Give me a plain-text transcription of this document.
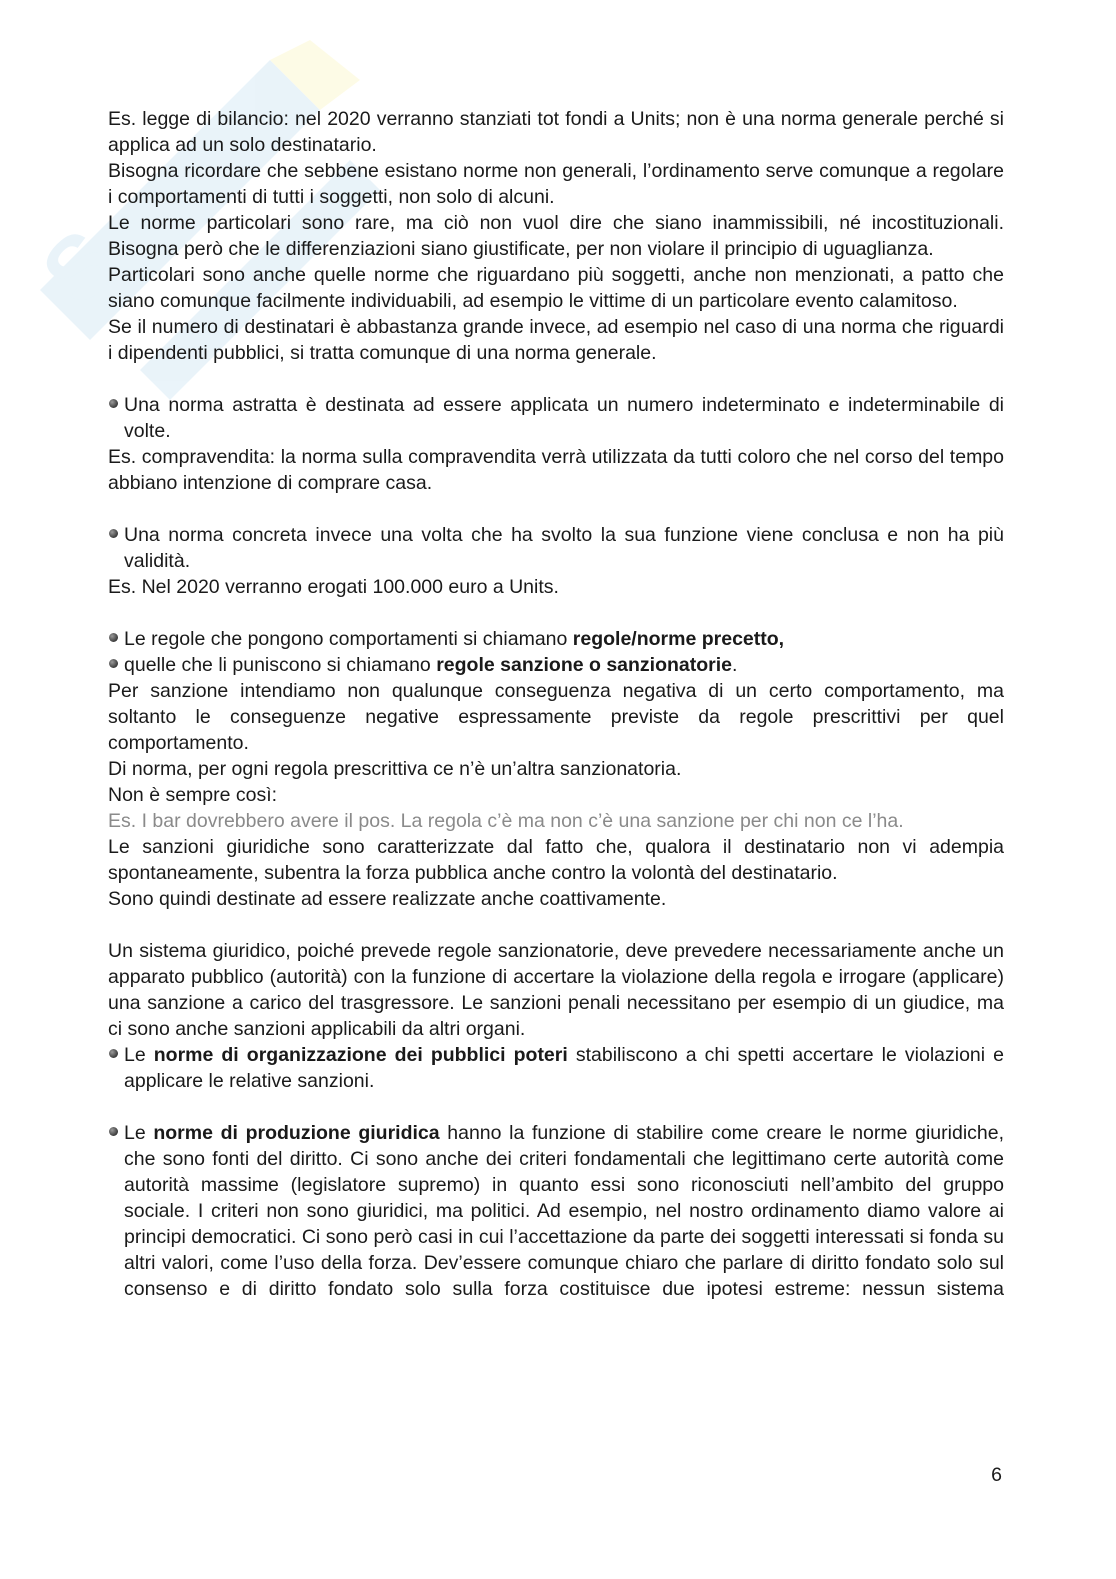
S

Es. legge di bilancio: nel 2020 verranno stanziati tot fondi a Units; non è una norma generale perché si applica ad un solo destinatario.

Bisogna ricordare che sebbene esistano norme non generali, l’ordinamento serve comunque a regolare i comportamenti di tutti i soggetti, non solo di alcuni.

Le norme particolari sono rare, ma ciò non vuol dire che siano inammissibili, né incostituzionali. Bisogna però che le differenziazioni siano giustificate, per non violare il principio di uguaglianza.

Particolari sono anche quelle norme che riguardano più soggetti, anche non menzionati, a patto che siano comunque facilmente individuabili, ad esempio le vittime di un particolare evento calamitoso.

Se il numero di destinatari è abbastanza grande invece, ad esempio nel caso di una norma che riguardi i dipendenti pubblici, si tratta comunque di una norma generale.

Una norma astratta è destinata ad essere applicata un numero indeterminato e indeterminabile di volte.

Es. compravendita: la norma sulla compravendita verrà utilizzata da tutti coloro che nel corso del tempo abbiano intenzione di comprare casa.

Una norma concreta invece una volta che ha svolto la sua funzione viene conclusa e non ha più validità.

Es. Nel 2020 verranno erogati 100.000 euro a Units.

Le regole che pongono comportamenti si chiamano regole/norme precetto,

quelle che li puniscono si chiamano regole sanzione o sanzionatorie.

Per sanzione intendiamo non qualunque conseguenza negativa di un certo comportamento, ma soltanto le conseguenze negative espressamente previste da regole prescrittivi per quel comportamento.

Di norma, per ogni regola prescrittiva ce n’è un’altra sanzionatoria.

Non è sempre così:

Es. I bar dovrebbero avere il pos. La regola c’è ma non c’è una sanzione per chi non ce l’ha.

Le sanzioni giuridiche sono caratterizzate dal fatto che, qualora il destinatario non vi adempia spontaneamente, subentra la forza pubblica anche contro la volontà del destinatario.

Sono quindi destinate ad essere realizzate anche coattivamente.

Un sistema giuridico, poiché prevede regole sanzionatorie, deve prevedere necessariamente anche un apparato pubblico (autorità) con la funzione di accertare la violazione della regola e irrogare (applicare) una sanzione a carico del trasgressore. Le sanzioni penali necessitano per esempio di un giudice, ma ci sono anche sanzioni applicabili da altri organi.

Le norme di organizzazione dei pubblici poteri stabiliscono a chi spetti accertare le violazioni e applicare le relative sanzioni.

Le norme di produzione giuridica hanno la funzione di stabilire come creare le norme giuridiche, che sono fonti del diritto. Ci sono anche dei criteri fondamentali che legittimano certe autorità come autorità massime (legislatore supremo) in quanto essi sono riconosciuti nell’ambito del gruppo sociale. I criteri non sono giuridici, ma politici. Ad esempio, nel nostro ordinamento diamo valore ai principi democratici. Ci sono però casi in cui l’accettazione da parte dei soggetti interessati si fonda su altri valori, come l’uso della forza. Dev’essere comunque chiaro che parlare di diritto fondato solo sul consenso e di diritto fondato solo sulla forza costituisce due ipotesi estreme: nessun sistema

6
